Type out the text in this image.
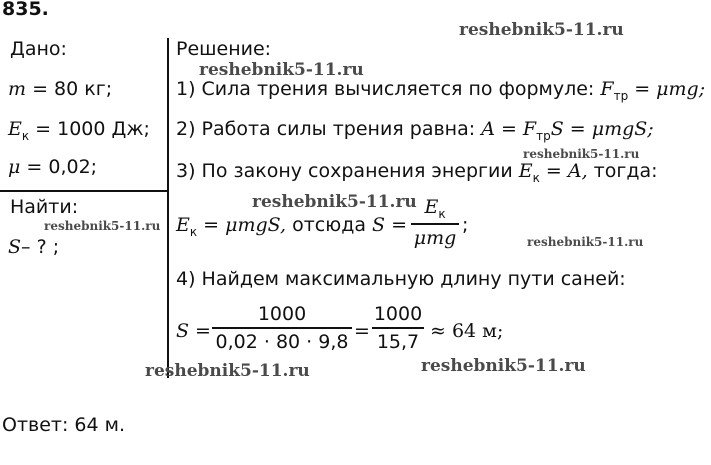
835.
Дано:
m = 80 кг;
$E_к = 1000$ Дж;
μ = 0,02;
Найти:
S– ? ;
Решение:
1) Сила трения вычисляется по формуле: $F_{тр} = \mu mg$;
2) Работа силы трения равна: $A = F_{тр}S = \mu mgS$;
3) По закону сохранения энергии $E_к = A$, тогда:
$E_к = \mu mgS$, отсюда S =
$E_к$
μmg
;
4) Найдем максимальную длину пути саней:
S =
1000
0,02 · 80 · 9,8 =
1000
15,7 ≈ 64 м;
Ответ: 64 м.
reshebnik5-11.ru
reshebnik5-11.ru
reshebnik5-11.ru
reshebnik5-11.ru
reshebnik5-11.ru
reshebnik5-11.ru
reshebnik5-11.ru	reshebnik5-11.ru
